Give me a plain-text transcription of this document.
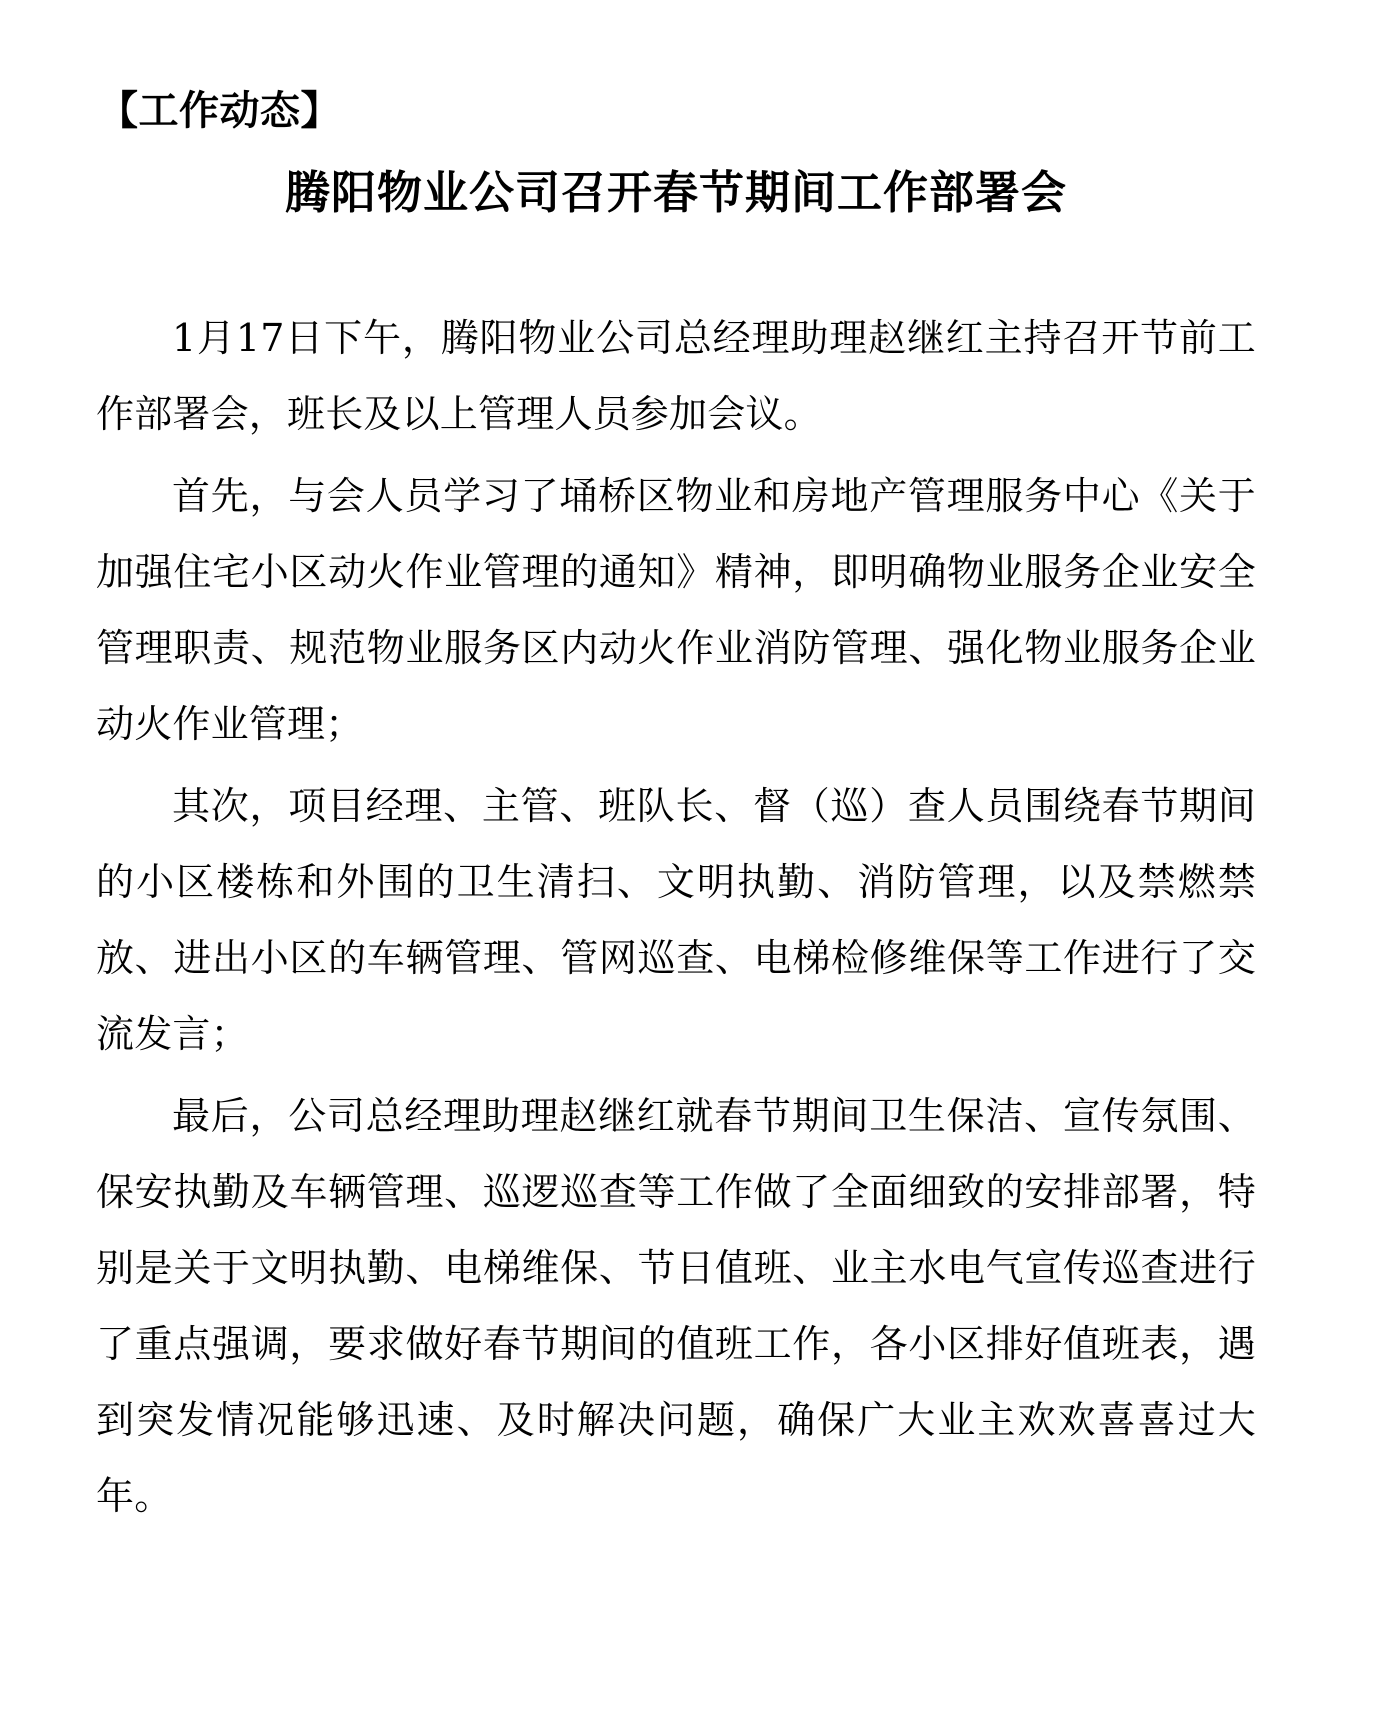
【工作动态】
腾阳物业公司召开春节期间工作部署会

1月17日下午，腾阳物业公司总经理助理赵继红主持召开节前工作部署会，班长及以上管理人员参加会议。

首先，与会人员学习了埇桥区物业和房地产管理服务中心《关于加强住宅小区动火作业管理的通知》精神，即明确物业服务企业安全管理职责、规范物业服务区内动火作业消防管理、强化物业服务企业动火作业管理；

其次，项目经理、主管、班队长、督（巡）查人员围绕春节期间的小区楼栋和外围的卫生清扫、文明执勤、消防管理，以及禁燃禁放、进出小区的车辆管理、管网巡查、电梯检修维保等工作进行了交流发言；

最后，公司总经理助理赵继红就春节期间卫生保洁、宣传氛围、保安执勤及车辆管理、巡逻巡查等工作做了全面细致的安排部署，特别是关于文明执勤、电梯维保、节日值班、业主水电气宣传巡查进行了重点强调，要求做好春节期间的值班工作，各小区排好值班表，遇到突发情况能够迅速、及时解决问题，确保广大业主欢欢喜喜过大年。
